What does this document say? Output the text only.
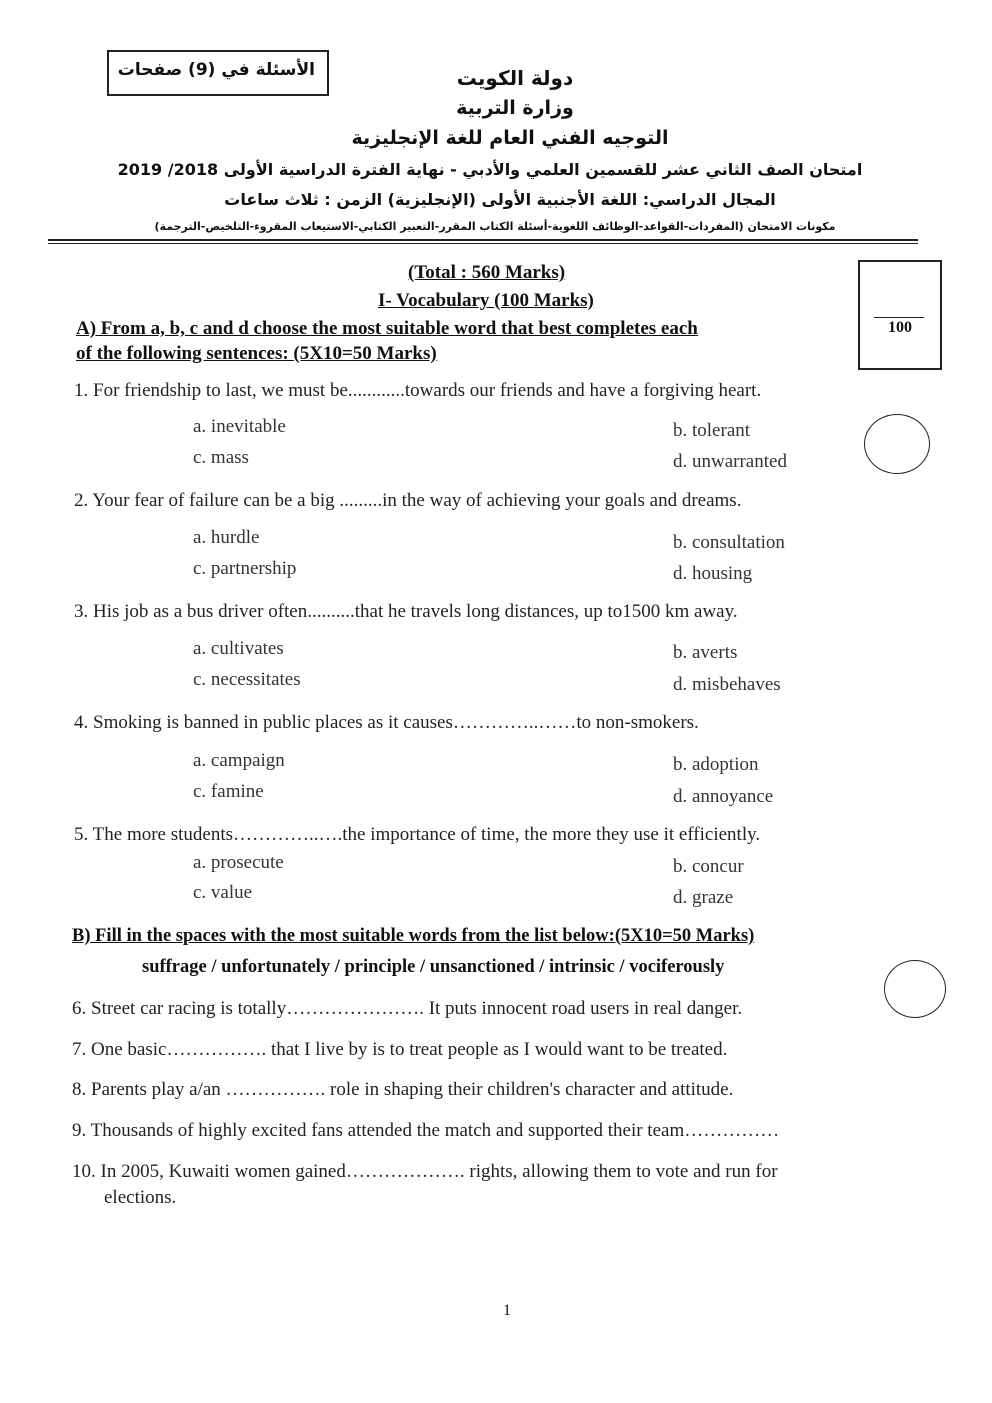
الأسئلة في (9) صفحات	دولة الكويت
وزارة التربية
التوجيه الفني العام للغة الإنجليزية
امتحان الصف الثاني عشر للقسمين العلمي والأدبي - نهاية الفترة الدراسية الأولى 2018/ 2019
المجال الدراسي: اللغة الأجنبية الأولى (الإنجليزية) الزمن : ثلاث ساعات
مكونات الامتحان (المفردات-القواعد-الوظائف اللغوية-أسئلة الكتاب المقرر-التعبير الكتابي-الاستيعاب المقروء-التلخيص-الترجمة)
100
(Total : 560 Marks)
I- Vocabulary (100 Marks)
A) From a, b, c and d choose the most suitable word that best completes each
of the following sentences: (5X10=50 Marks)
1. For friendship to last, we must be............towards our friends and have a forgiving heart.
a. inevitable	b. tolerant
c. mass	d. unwarranted
2. Your fear of failure can be a big .........in the way of achieving your goals and dreams.
a. hurdle	b. consultation
c. partnership	d. housing
3. His job as a bus driver often..........that he travels long distances, up to1500 km away.
a. cultivates	b. averts
c. necessitates	d. misbehaves
4. Smoking is banned in public places as it causes…………..……to non-smokers.
a. campaign	b. adoption
c. famine	d. annoyance
5. The more students…………..….the importance of time, the more they use it efficiently.
a. prosecute	b. concur
c. value	d. graze
B) Fill in the spaces with the most suitable words from the list below:(5X10=50 Marks)
suffrage / unfortunately / principle / unsanctioned / intrinsic / vociferously
6. Street car racing is totally…………………. It puts innocent road users in real danger.
7. One basic……………. that I live by is to treat people as I would want to be treated.
8. Parents play a/an ……………. role in shaping their children's character and attitude.
9. Thousands of highly excited fans attended the match and supported their team……………
10. In 2005, Kuwaiti women gained………………. rights, allowing them to vote and run for
elections.
1
